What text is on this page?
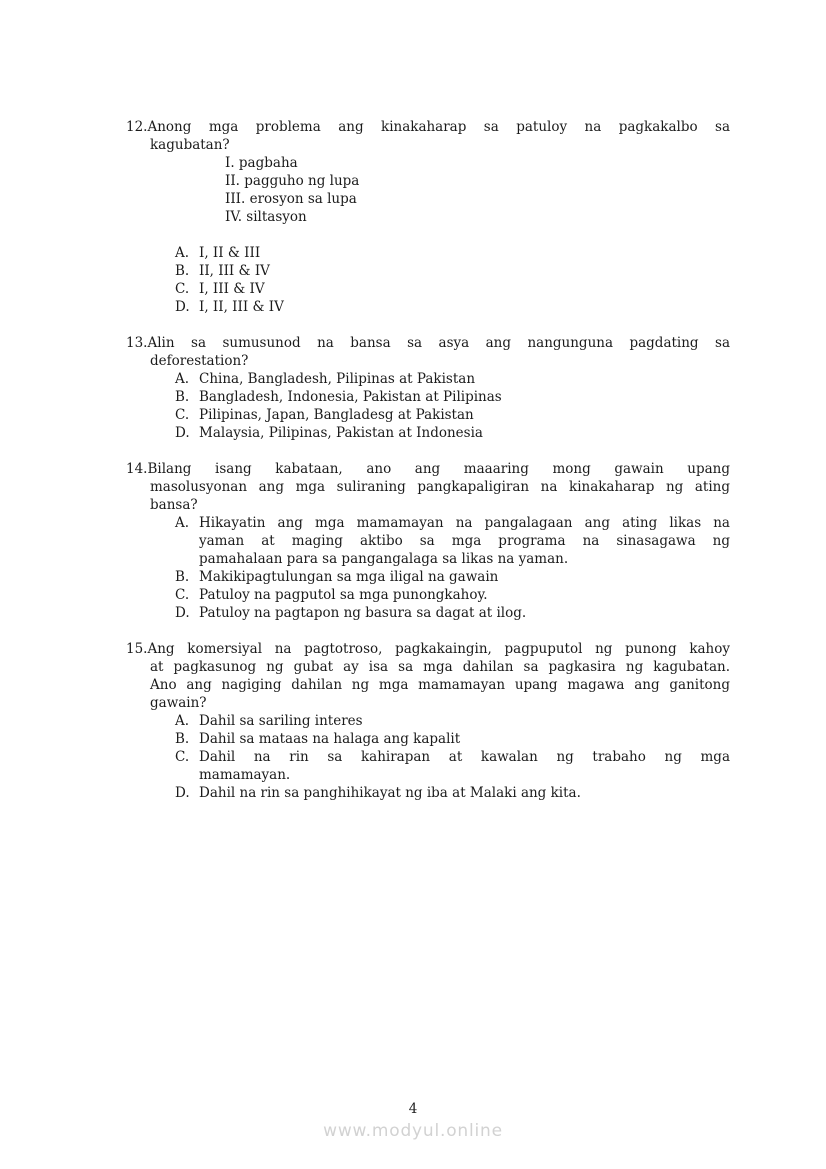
12.Anong mga problema ang kinakaharap sa patuloy na pagkakalbo sa
kagubatan?
I. pagbaha
II. pagguho ng lupa
III. erosyon sa lupa
IV. siltasyon
A. I, II & III
B. II, III & IV
C. I, III & IV
D. I, II, III & IV
13.Alin sa sumusunod na bansa sa asya ang nangunguna pagdating sa
deforestation?
A. China, Bangladesh, Pilipinas at Pakistan
B. Bangladesh, Indonesia, Pakistan at Pilipinas
C. Pilipinas, Japan, Bangladesg at Pakistan
D. Malaysia, Pilipinas, Pakistan at Indonesia
14.Bilang isang kabataan, ano ang maaaring mong gawain upang
masolusyonan ang mga suliraning pangkapaligiran na kinakaharap ng ating
bansa?
A. Hikayatin ang mga mamamayan na pangalagaan ang ating likas na
yaman at maging aktibo sa mga programa na sinasagawa ng
pamahalaan para sa pangangalaga sa likas na yaman.
B. Makikipagtulungan sa mga iligal na gawain
C. Patuloy na pagputol sa mga punongkahoy.
D. Patuloy na pagtapon ng basura sa dagat at ilog.
15.Ang komersiyal na pagtotroso, pagkakaingin, pagpuputol ng punong kahoy
at pagkasunog ng gubat ay isa sa mga dahilan sa pagkasira ng kagubatan.
Ano ang nagiging dahilan ng mga mamamayan upang magawa ang ganitong
gawain?
A. Dahil sa sariling interes
B. Dahil sa mataas na halaga ang kapalit
C. Dahil na rin sa kahirapan at kawalan ng trabaho ng mga
mamamayan.
D. Dahil na rin sa panghihikayat ng iba at Malaki ang kita.
4
www.modyul.online
